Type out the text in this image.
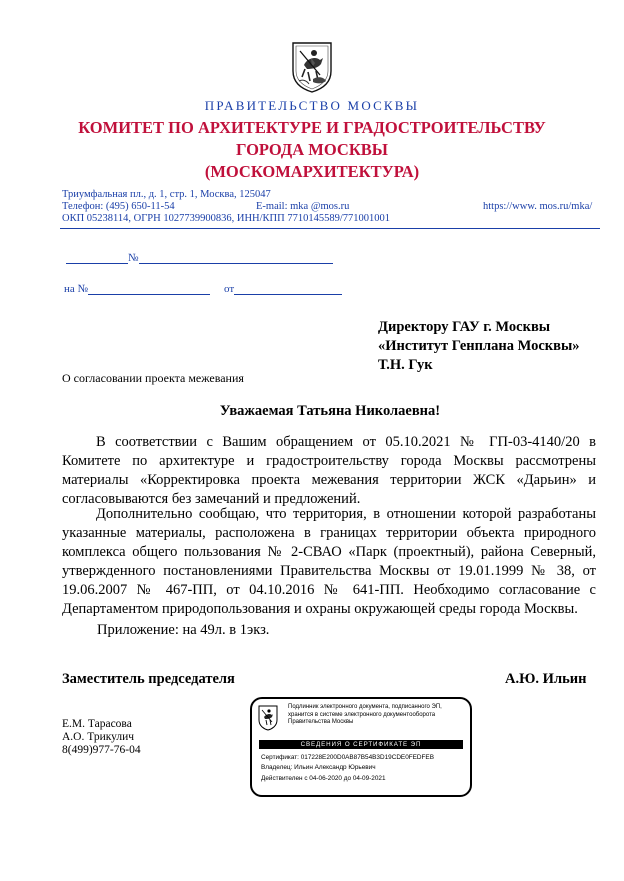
ПРАВИТЕЛЬСТВО МОСКВЫ
КОМИТЕТ ПО АРХИТЕКТУРЕ И ГРАДОСТРОИТЕЛЬСТВУ
ГОРОДА МОСКВЫ
(МОСКОМАРХИТЕКТУРА)
Триумфальная пл., д. 1, стр. 1, Москва, 125047
Телефон: (495) 650-11-54	E-mail: mka @mos.ru	https://www. mos.ru/mka/
ОКП 05238114, ОГРН 1027739900836, ИНН/КПП 7710145589/771001001
№
на №	от
Директору ГАУ г. Москвы
«Институт Генплана Москвы»
Т.Н. Гук
О согласовании проекта межевания
Уважаемая Татьяна Николаевна!
В соответствии с Вашим обращением от 05.10.2021 № ГП-03-4140/20 в Комитете по архитектуре и градостроительству города Москвы рассмотрены материалы «Корректировка проекта межевания территории ЖСК «Дарьин» и согласовываются без замечаний и предложений.
Дополнительно сообщаю, что территория, в отношении которой разработаны указанные материалы, расположена в границах территории объекта природного комплекса общего пользования № 2-СВАО «Парк (проектный), района Северный, утвержденного постановлениями Правительства Москвы от 19.01.1999 № 38, от 19.06.2007 № 467-ПП, от 04.10.2016 № 641-ПП. Необходимо согласование с Департаментом природопользования и охраны окружающей среды города Москвы.
Приложение: на 49л. в 1экз.
Заместитель председателя	А.Ю. Ильин
Е.М. Тарасова
А.О. Трикулич
8(499)977-76-04
Подлинник электронного документа, подписанного ЭП,
хранится в системе электронного документооборота
Правительства Москвы
СВЕДЕНИЯ О СЕРТИФИКАТЕ ЭП
Сертификат: 017228E200D0AB87B54B3D19CDE0FEDFEB
Владелец: Ильин Александр Юрьевич
Действителен с 04-06-2020 до 04-09-2021
